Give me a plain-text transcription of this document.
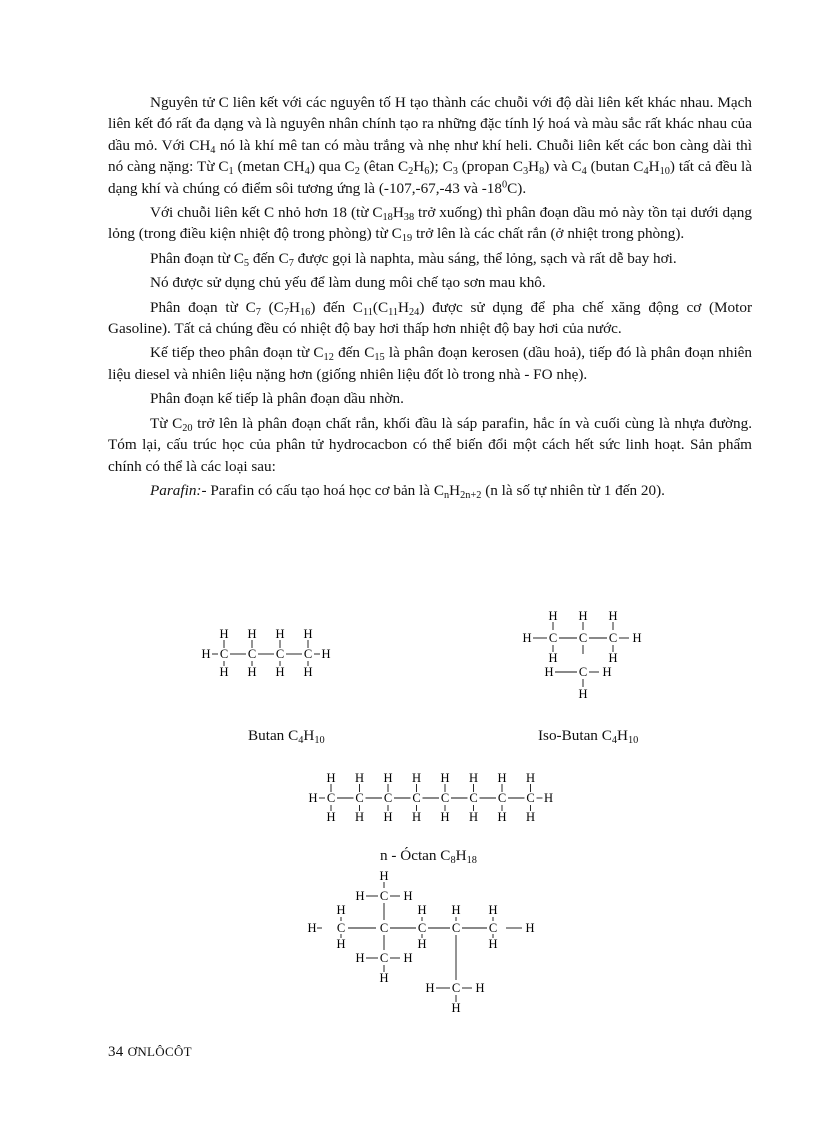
Nguyên tử C liên kết với các nguyên tố H tạo thành các chuỗi với độ dài liên kết khác nhau. Mạch liên kết đó rất đa dạng và là nguyên nhân chính tạo ra những đặc tính lý hoá và màu sắc rất khác nhau của dầu mỏ. Với $CH_4$ nó là khí mê tan có màu trắng và nhẹ như khí heli. Chuỗi liên kết các bon càng dài thì nó càng nặng: Từ $C_1$ (metan $CH_4$) qua $C_2$ (êtan $C_2H_6$); $C_3$ (propan $C_3H_8$) và $C_4$ (butan $C_4H_{10}$) tất cả đều là dạng khí và chúng có điểm sôi tương ứng là (-107,-67,-43 và $-18^0C$).

Với chuỗi liên kết C nhỏ hơn 18 (từ $C_{18}H_{38}$ trở xuống) thì phân đoạn dầu mỏ này tồn tại dưới dạng lỏng (trong điều kiện nhiệt độ trong phòng) từ $C_{19}$ trở lên là các chất rắn (ở nhiệt trong phòng).

Phân đoạn từ $C_5$ đến $C_7$ được gọi là naphta, màu sáng, thể lỏng, sạch và rất dễ bay hơi.

Nó được sử dụng chủ yếu để làm dung môi chế tạo sơn mau khô.

Phân đoạn từ $C_7$ $(C_7H_{16})$ đến $C_{11}(C_{11}H_{24})$ được sử dụng để pha chế xăng động cơ (Motor Gasoline). Tất cả chúng đều có nhiệt độ bay hơi thấp hơn nhiệt độ bay hơi của nước.

Kế tiếp theo phân đoạn từ $C_{12}$ đến $C_{15}$ là phân đoạn kerosen (dầu hoả), tiếp đó là phân đoạn nhiên liệu diesel và nhiên liệu nặng hơn (giống nhiên liệu đốt lò trong nhà - FO nhẹ).

Phân đoạn kế tiếp là phân đoạn dầu nhờn.

Từ $C_{20}$ trở lên là phân đoạn chất rắn, khối đầu là sáp parafin, hắc ín và cuối cùng là nhựa đường. Tóm lại, cấu trúc học của phân tử hydrocacbon có thể biến đổi một cách hết sức linh hoạt. Sản phẩm chính có thể là các loại sau:

Parafin:- Parafin có cấu tạo hoá học cơ bản là $C_nH_{2n+2}$ (n là số tự nhiên từ 1 đến 20).

H
H
C
H
H
C
H
H
C
H
H
C
H
H
H
C
H
C
H
C
H	H
H	H
C
H	H
H
Butan $C_4H_{10}$	Iso-Butan $C_4H_{10}$
H
H
C
H
H
C
H
H
C
H
H
C
H
H
C
H
H
C
H
H
C
H
H
C
H
H
n - Óctan $C_8H_{18}$
H C
H
H
C
H
C
H	H
C
H	H
H
C
H
H
C
H
C
H	H
H
C
H
H
H
34 ƠNLÔCÔT
